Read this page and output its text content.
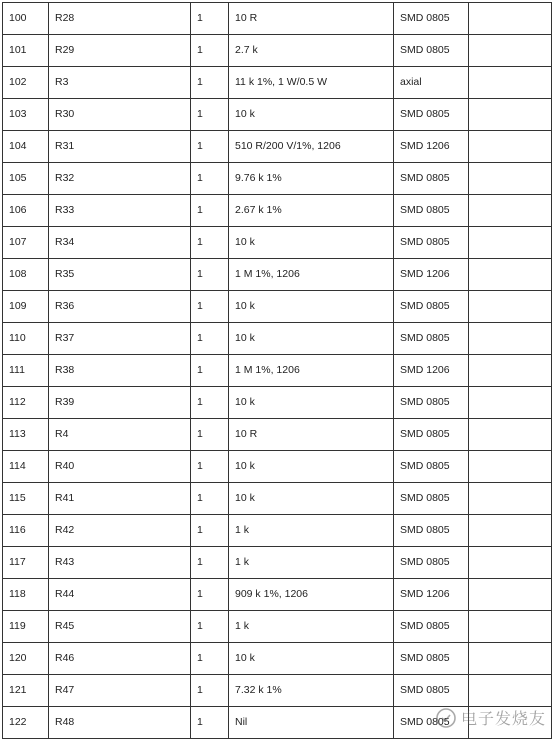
100	R28	1	10 R	SMD 0805	
101	R29	1	2.7 k	SMD 0805	
102	R3	1	11 k 1%, 1 W/0.5 W	axial	
103	R30	1	10 k	SMD 0805	
104	R31	1	510 R/200 V/1%, 1206	SMD 1206	
105	R32	1	9.76 k 1%	SMD 0805	
106	R33	1	2.67 k 1%	SMD 0805	
107	R34	1	10 k	SMD 0805	
108	R35	1	1 M 1%, 1206	SMD 1206	
109	R36	1	10 k	SMD 0805	
110	R37	1	10 k	SMD 0805	
111	R38	1	1 M 1%, 1206	SMD 1206	
112	R39	1	10 k	SMD 0805	
113	R4	1	10 R	SMD 0805	
114	R40	1	10 k	SMD 0805	
115	R41	1	10 k	SMD 0805	
116	R42	1	1 k	SMD 0805	
117	R43	1	1 k	SMD 0805	
118	R44	1	909 k 1%, 1206	SMD 1206	
119	R45	1	1 k	SMD 0805	
120	R46	1	10 k	SMD 0805	
121	R47	1	7.32 k 1%	SMD 0805	
122	R48	1	Nil	SMD 0805	电子发烧友
